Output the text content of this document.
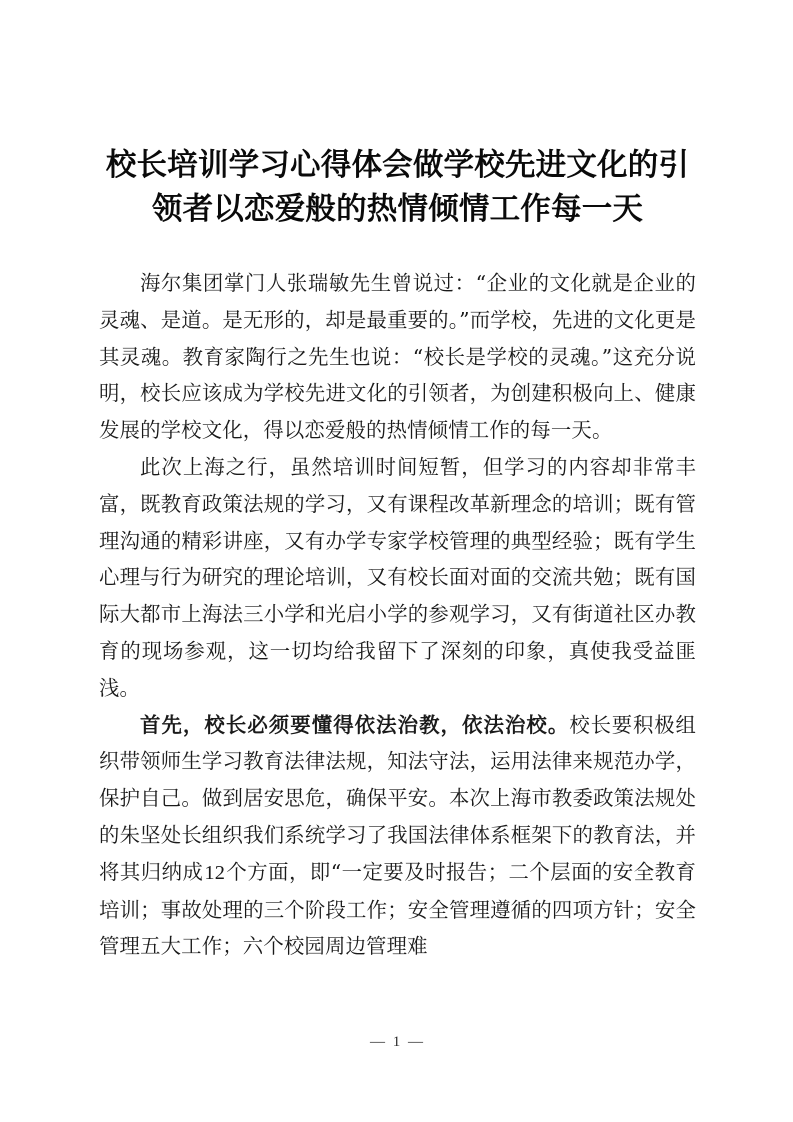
校长培训学习心得体会做学校先进文化的引领者以恋爱般的热情倾情工作每一天

海尔集团掌门人张瑞敏先生曾说过：“企业的文化就是企业的灵魂、是道。是无形的，却是最重要的。”而学校，先进的文化更是其灵魂。教育家陶行之先生也说：“校长是学校的灵魂。”这充分说明，校长应该成为学校先进文化的引领者，为创建积极向上、健康发展的学校文化，得以恋爱般的热情倾情工作的每一天。

此次上海之行，虽然培训时间短暂，但学习的内容却非常丰富，既教育政策法规的学习，又有课程改革新理念的培训；既有管理沟通的精彩讲座，又有办学专家学校管理的典型经验；既有学生心理与行为研究的理论培训，又有校长面对面的交流共勉；既有国际大都市上海法三小学和光启小学的参观学习，又有街道社区办教育的现场参观，这一切均给我留下了深刻的印象，真使我受益匪浅。

首先，校长必须要懂得依法治教，依法治校。校长要积极组织带领师生学习教育法律法规，知法守法，运用法律来规范办学，保护自己。做到居安思危，确保平安。本次上海市教委政策法规处的朱坚处长组织我们系统学习了我国法律体系框架下的教育法，并将其归纳成12个方面，即“一定要及时报告；二个层面的安全教育培训；事故处理的三个阶段工作；安全管理遵循的四项方针；安全管理五大工作；六个校园周边管理难

— 1 —
